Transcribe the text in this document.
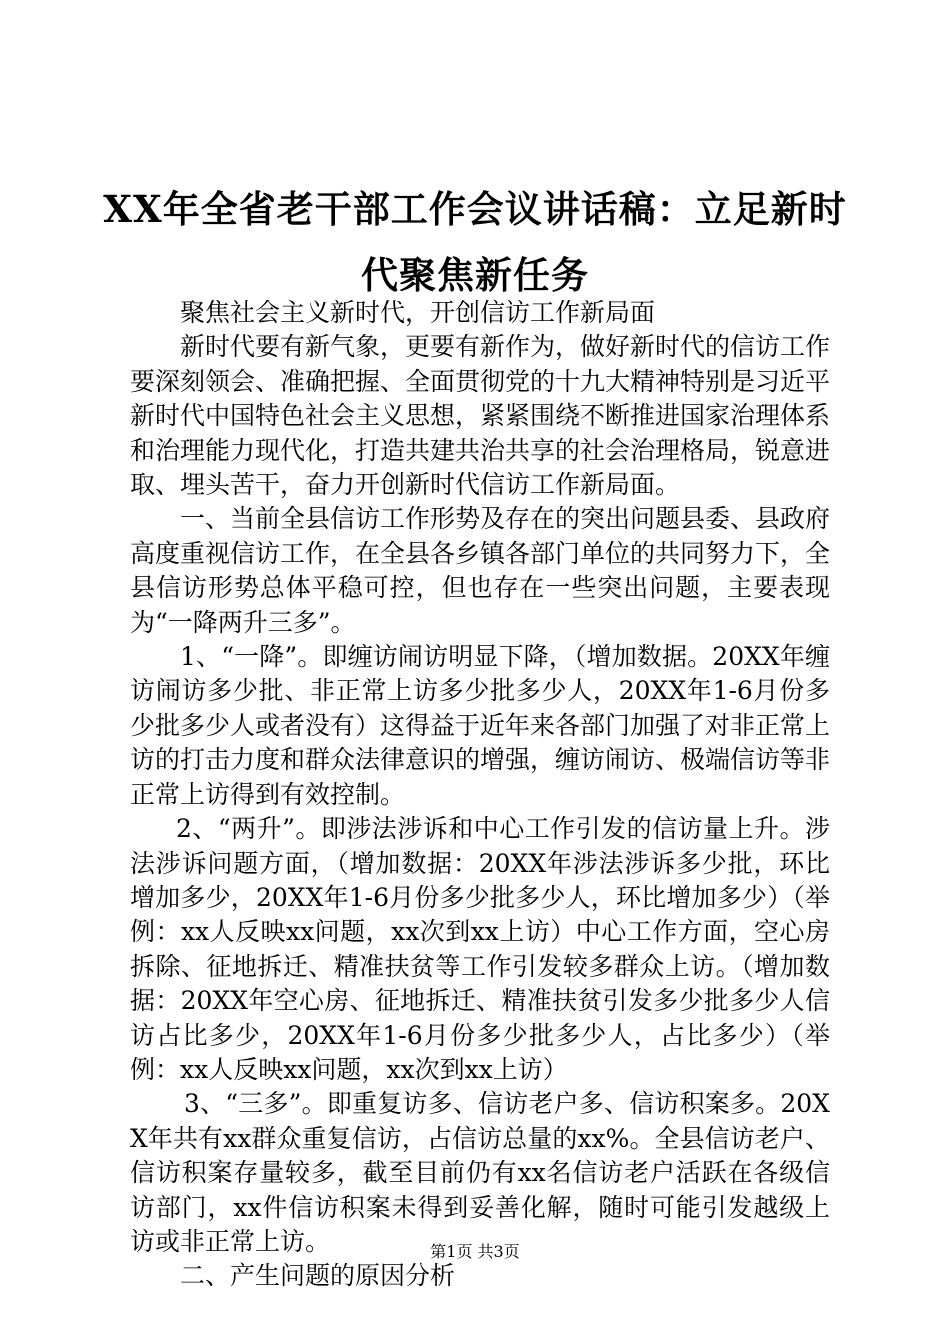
XX年全省老干部工作会议讲话稿：立足新时
代聚焦新任务

聚焦社会主义新时代，开创信访工作新局面

新时代要有新气象，更要有新作为，做好新时代的信访工作要深刻领会、准确把握、全面贯彻党的十九大精神特别是习近平新时代中国特色社会主义思想，紧紧围绕不断推进国家治理体系和治理能力现代化，打造共建共治共享的社会治理格局，锐意进取、埋头苦干，奋力开创新时代信访工作新局面。

一、当前全县信访工作形势及存在的突出问题县委、县政府高度重视信访工作，在全县各乡镇各部门单位的共同努力下，全县信访形势总体平稳可控，但也存在一些突出问题，主要表现为“一降两升三多”。

1、“一降”。即缠访闹访明显下降，（增加数据。20XX年缠访闹访多少批、非正常上访多少批多少人，20XX年1-6月份多少批多少人或者没有）这得益于近年来各部门加强了对非正常上访的打击力度和群众法律意识的增强，缠访闹访、极端信访等非正常上访得到有效控制。

2、“两升”。即涉法涉诉和中心工作引发的信访量上升。涉法涉诉问题方面，（增加数据：20XX年涉法涉诉多少批，环比增加多少，20XX年1-6月份多少批多少人，环比增加多少）（举例：xx人反映xx问题，xx次到xx上访）中心工作方面，空心房拆除、征地拆迁、精准扶贫等工作引发较多群众上访。（增加数据：20XX年空心房、征地拆迁、精准扶贫引发多少批多少人信访占比多少，20XX年1-6月份多少批多少人，占比多少）（举例：xx人反映xx问题，xx次到xx上访）

3、“三多”。即重复访多、信访老户多、信访积案多。20XX年共有xx群众重复信访，占信访总量的xx%。全县信访老户、信访积案存量较多，截至目前仍有xx名信访老户活跃在各级信访部门，xx件信访积案未得到妥善化解，随时可能引发越级上访或非正常上访。

二、产生问题的原因分析

第1页 共3页
